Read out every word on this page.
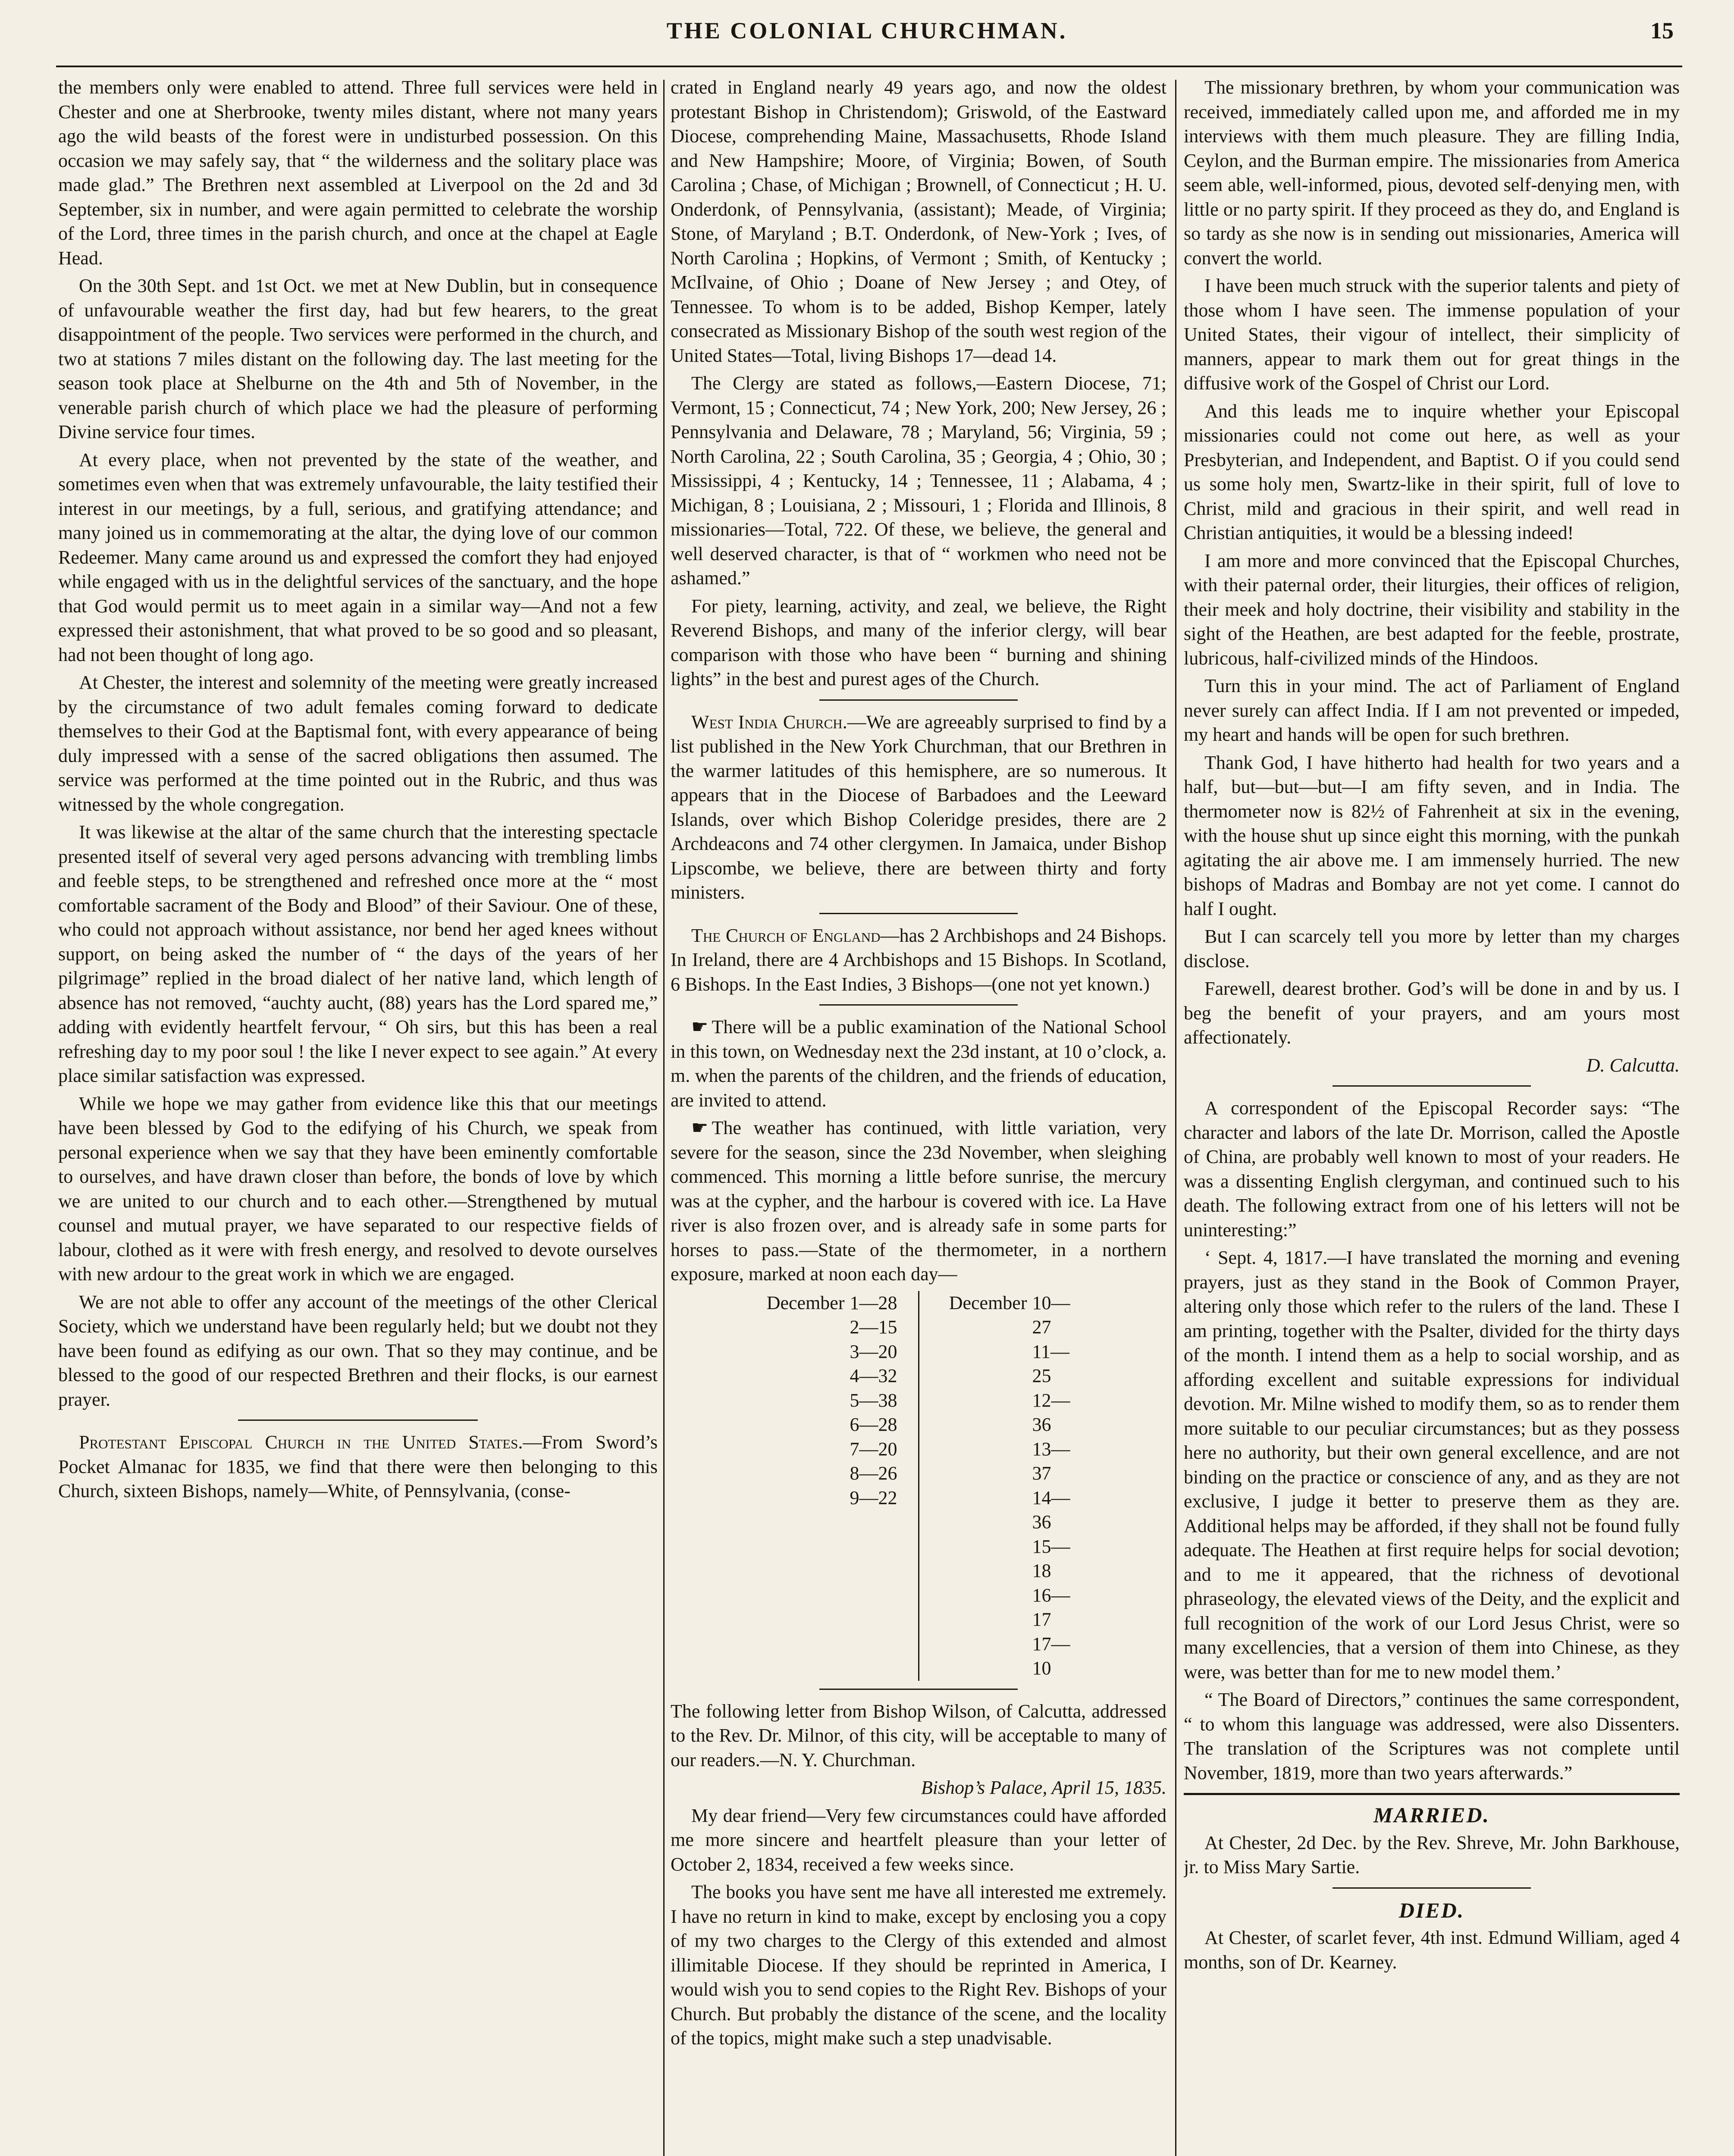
THE COLONIAL CHURCHMAN.	15

the members only were enabled to attend. Three full services were held in Chester and one at Sherbrooke, twenty miles distant, where not many years ago the wild beasts of the forest were in undisturbed possession. On this occasion we may safely say, that “ the wilderness and the solitary place was made glad.” The Brethren next assembled at Liverpool on the 2d and 3d September, six in number, and were again permitted to celebrate the worship of the Lord, three times in the parish church, and once at the chapel at Eagle Head.

On the 30th Sept. and 1st Oct. we met at New Dublin, but in consequence of unfavourable weather the first day, had but few hearers, to the great disappointment of the people. Two services were performed in the church, and two at stations 7 miles distant on the following day. The last meeting for the season took place at Shelburne on the 4th and 5th of November, in the venerable parish church of which place we had the pleasure of performing Divine service four times.

At every place, when not prevented by the state of the weather, and sometimes even when that was extremely unfavourable, the laity testified their interest in our meetings, by a full, serious, and gratifying attendance; and many joined us in commemorating at the altar, the dying love of our common Redeemer. Many came around us and expressed the comfort they had enjoyed while engaged with us in the delightful services of the sanctuary, and the hope that God would permit us to meet again in a similar way—And not a few expressed their astonishment, that what proved to be so good and so pleasant, had not been thought of long ago.

At Chester, the interest and solemnity of the meeting were greatly increased by the circumstance of two adult females coming forward to dedicate themselves to their God at the Baptismal font, with every appearance of being duly impressed with a sense of the sacred obligations then assumed. The service was performed at the time pointed out in the Rubric, and thus was witnessed by the whole congregation.

It was likewise at the altar of the same church that the interesting spectacle presented itself of several very aged persons advancing with trembling limbs and feeble steps, to be strengthened and refreshed once more at the “ most comfortable sacrament of the Body and Blood” of their Saviour. One of these, who could not approach without assistance, nor bend her aged knees without support, on being asked the number of “ the days of the years of her pilgrimage” replied in the broad dialect of her native land, which length of absence has not removed, “auchty aucht, (88) years has the Lord spared me,” adding with evidently heartfelt fervour, “ Oh sirs, but this has been a real refreshing day to my poor soul ! the like I never expect to see again.” At every place similar satisfaction was expressed.

While we hope we may gather from evidence like this that our meetings have been blessed by God to the edifying of his Church, we speak from personal experience when we say that they have been eminently comfortable to ourselves, and have drawn closer than before, the bonds of love by which we are united to our church and to each other.—Strengthened by mutual counsel and mutual prayer, we have separated to our respective fields of labour, clothed as it were with fresh energy, and resolved to devote ourselves with new ardour to the great work in which we are engaged.

We are not able to offer any account of the meetings of the other Clerical Society, which we understand have been regularly held; but we doubt not they have been found as edifying as our own. That so they may continue, and be blessed to the good of our respected Brethren and their flocks, is our earnest prayer.

Protestant Episcopal Church in the United States.—From Sword’s Pocket Almanac for 1835, we find that there were then belonging to this Church, sixteen Bishops, namely—White, of Pennsylvania, (conse-

crated in England nearly 49 years ago, and now the oldest protestant Bishop in Christendom); Griswold, of the Eastward Diocese, comprehending Maine, Massachusetts, Rhode Island and New Hampshire; Moore, of Virginia; Bowen, of South Carolina ; Chase, of Michigan ; Brownell, of Connecticut ; H. U. Onderdonk, of Pennsylvania, (assistant); Meade, of Virginia; Stone, of Maryland ; B.T. Onderdonk, of New-York ; Ives, of North Carolina ; Hopkins, of Vermont ; Smith, of Kentucky ; McIlvaine, of Ohio ; Doane of New Jersey ; and Otey, of Tennessee. To whom is to be added, Bishop Kemper, lately consecrated as Missionary Bishop of the south west region of the United States—Total, living Bishops 17—dead 14.

The Clergy are stated as follows,—Eastern Diocese, 71; Vermont, 15 ; Connecticut, 74 ; New York, 200; New Jersey, 26 ; Pennsylvania and Delaware, 78 ; Maryland, 56; Virginia, 59 ; North Carolina, 22 ; South Carolina, 35 ; Georgia, 4 ; Ohio, 30 ; Mississippi, 4 ; Kentucky, 14 ; Tennessee, 11 ; Alabama, 4 ; Michigan, 8 ; Louisiana, 2 ; Missouri, 1 ; Florida and Illinois, 8 missionaries—Total, 722. Of these, we believe, the general and well deserved character, is that of “ workmen who need not be ashamed.”

For piety, learning, activity, and zeal, we believe, the Right Reverend Bishops, and many of the inferior clergy, will bear comparison with those who have been “ burning and shining lights” in the best and purest ages of the Church.

West India Church.—We are agreeably surprised to find by a list published in the New York Churchman, that our Brethren in the warmer latitudes of this hemisphere, are so numerous. It appears that in the Diocese of Barbadoes and the Leeward Islands, over which Bishop Coleridge presides, there are 2 Archdeacons and 74 other clergymen. In Jamaica, under Bishop Lipscombe, we believe, there are between thirty and forty ministers.

The Church of England—has 2 Archbishops and 24 Bishops. In Ireland, there are 4 Archbishops and 15 Bishops. In Scotland, 6 Bishops. In the East Indies, 3 Bishops—(one not yet known.)

☛ There will be a public examination of the National School in this town, on Wednesday next the 23d instant, at 10 o’clock, a. m. when the parents of the children, and the friends of education, are invited to attend.

☛ The weather has continued, with little variation, very severe for the season, since the 23d November, when sleighing commenced. This morning a little before sunrise, the mercury was at the cypher, and the harbour is covered with ice. La Have river is also frozen over, and is already safe in some parts for horses to pass.—State of the thermometer, in a northern exposure, marked at noon each day—

December 1—28
2—15
3—20
4—32
5—38
6—28
7—20
8—26
9—22
December 10—27
11—25
12—36
13—37
14—36
15—18
16—17
17—10

The following letter from Bishop Wilson, of Calcutta, addressed to the Rev. Dr. Milnor, of this city, will be acceptable to many of our readers.—N. Y. Churchman.

Bishop’s Palace, April 15, 1835.

My dear friend—Very few circumstances could have afforded me more sincere and heartfelt pleasure than your letter of October 2, 1834, received a few weeks since.

The books you have sent me have all interested me extremely. I have no return in kind to make, except by enclosing you a copy of my two charges to the Clergy of this extended and almost illimitable Diocese. If they should be reprinted in America, I would wish you to send copies to the Right Rev. Bishops of your Church. But probably the distance of the scene, and the locality of the topics, might make such a step unadvisable.

The missionary brethren, by whom your communication was received, immediately called upon me, and afforded me in my interviews with them much pleasure. They are filling India, Ceylon, and the Burman empire. The missionaries from America seem able, well-informed, pious, devoted self-denying men, with little or no party spirit. If they proceed as they do, and England is so tardy as she now is in sending out missionaries, America will convert the world.

I have been much struck with the superior talents and piety of those whom I have seen. The immense population of your United States, their vigour of intellect, their simplicity of manners, appear to mark them out for great things in the diffusive work of the Gospel of Christ our Lord.

And this leads me to inquire whether your Episcopal missionaries could not come out here, as well as your Presbyterian, and Independent, and Baptist. O if you could send us some holy men, Swartz-like in their spirit, full of love to Christ, mild and gracious in their spirit, and well read in Christian antiquities, it would be a blessing indeed!

I am more and more convinced that the Episcopal Churches, with their paternal order, their liturgies, their offices of religion, their meek and holy doctrine, their visibility and stability in the sight of the Heathen, are best adapted for the feeble, prostrate, lubricous, half-civilized minds of the Hindoos.

Turn this in your mind. The act of Parliament of England never surely can affect India. If I am not prevented or impeded, my heart and hands will be open for such brethren.

Thank God, I have hitherto had health for two years and a half, but—but—but—I am fifty seven, and in India. The thermometer now is 82½ of Fahrenheit at six in the evening, with the house shut up since eight this morning, with the punkah agitating the air above me. I am immensely hurried. The new bishops of Madras and Bombay are not yet come. I cannot do half I ought.

But I can scarcely tell you more by letter than my charges disclose.

Farewell, dearest brother. God’s will be done in and by us. I beg the benefit of your prayers, and am yours most affectionately.

D. Calcutta.

A correspondent of the Episcopal Recorder says: “The character and labors of the late Dr. Morrison, called the Apostle of China, are probably well known to most of your readers. He was a dissenting English clergyman, and continued such to his death. The following extract from one of his letters will not be uninteresting:”

‘ Sept. 4, 1817.—I have translated the morning and evening prayers, just as they stand in the Book of Common Prayer, altering only those which refer to the rulers of the land. These I am printing, together with the Psalter, divided for the thirty days of the month. I intend them as a help to social worship, and as affording excellent and suitable expressions for individual devotion. Mr. Milne wished to modify them, so as to render them more suitable to our peculiar circumstances; but as they possess here no authority, but their own general excellence, and are not binding on the practice or conscience of any, and as they are not exclusive, I judge it better to preserve them as they are. Additional helps may be afforded, if they shall not be found fully adequate. The Heathen at first require helps for social devotion; and to me it appeared, that the richness of devotional phraseology, the elevated views of the Deity, and the explicit and full recognition of the work of our Lord Jesus Christ, were so many excellencies, that a version of them into Chinese, as they were, was better than for me to new model them.’

“ The Board of Directors,” continues the same correspondent, “ to whom this language was addressed, were also Dissenters. The translation of the Scriptures was not complete until November, 1819, more than two years afterwards.”

MARRIED.

At Chester, 2d Dec. by the Rev. Shreve, Mr. John Barkhouse, jr. to Miss Mary Sartie.

DIED.

At Chester, of scarlet fever, 4th inst. Edmund William, aged 4 months, son of Dr. Kearney.
